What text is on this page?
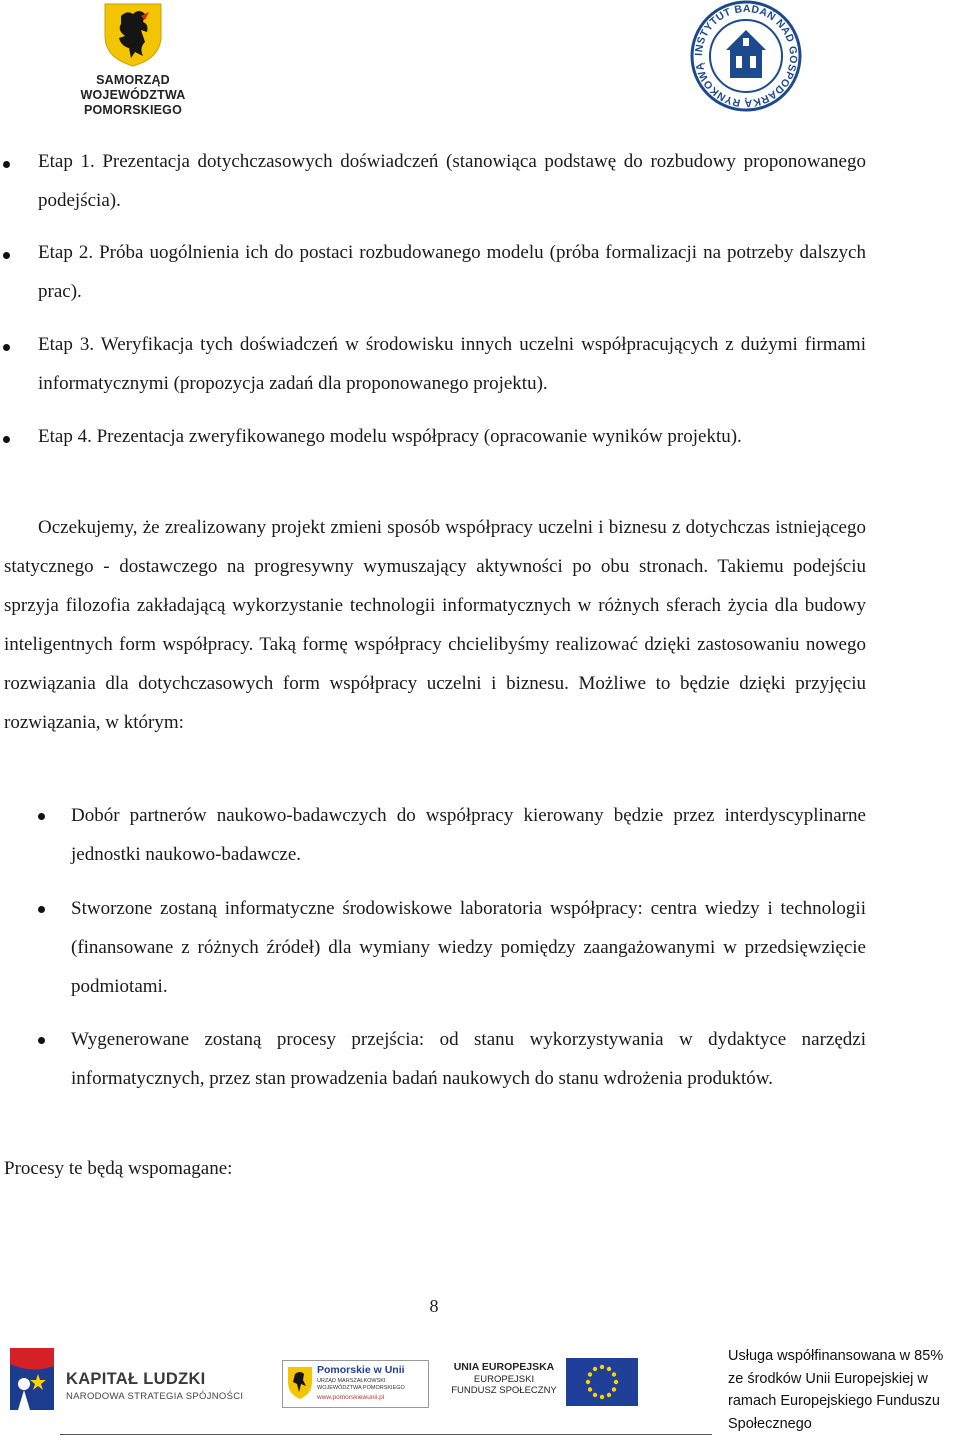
SAMORZĄD
WOJEWÓDZTWA POMORSKIEGO
INSTYTUT BADAŃ NAD GOSPODARKĄ RYNKOWĄ
Etap 1. Prezentacja dotychczasowych doświadczeń (stanowiąca podstawę do rozbudowy proponowanego podejścia).
Etap 2. Próba uogólnienia ich do postaci rozbudowanego modelu (próba formalizacji na potrzeby dalszych prac).
Etap 3. Weryfikacja tych doświadczeń w środowisku innych uczelni współpracujących z dużymi firmami informatycznymi (propozycja zadań dla proponowanego projektu).
Etap 4. Prezentacja zweryfikowanego modelu współpracy (opracowanie wyników projektu).
Oczekujemy, że zrealizowany projekt zmieni sposób współpracy uczelni i biznesu z dotychczas istniejącego statycznego - dostawczego na progresywny wymuszający aktywności po obu stronach. Takiemu podejściu sprzyja filozofia zakładającą wykorzystanie technologii informatycznych w różnych sferach życia dla budowy inteligentnych form współpracy. Taką formę współpracy chcielibyśmy realizować dzięki zastosowaniu nowego rozwiązania dla dotychczasowych form współpracy uczelni i biznesu. Możliwe to będzie dzięki przyjęciu rozwiązania, w którym:
Dobór partnerów naukowo-badawczych do współpracy kierowany będzie przez interdyscyplinarne jednostki naukowo-badawcze.
Stworzone zostaną informatyczne środowiskowe laboratoria współpracy: centra wiedzy i technologii (finansowane z różnych źródeł) dla wymiany wiedzy pomiędzy zaangażowanymi w przedsięwzięcie podmiotami.
Wygenerowane zostaną procesy przejścia: od stanu wykorzystywania w dydaktyce narzędzi informatycznych, przez stan prowadzenia badań naukowych do stanu wdrożenia produktów.
Procesy te będą wspomagane:
8
KAPITAŁ LUDZKI
NARODOWA STRATEGIA SPÓJNOŚCI
Pomorskie w Unii
URZĄD MARSZAŁKOWSKI
WOJEWÓDZTWA POMORSKIEGO
www.pomorskiewunii.pl
UNIA EUROPEJSKA
EUROPEJSKI
FUNDUSZ SPOŁECZNY
Usługa współfinansowana w 85%
ze środków Unii Europejskiej w
ramach Europejskiego Funduszu
Społecznego
